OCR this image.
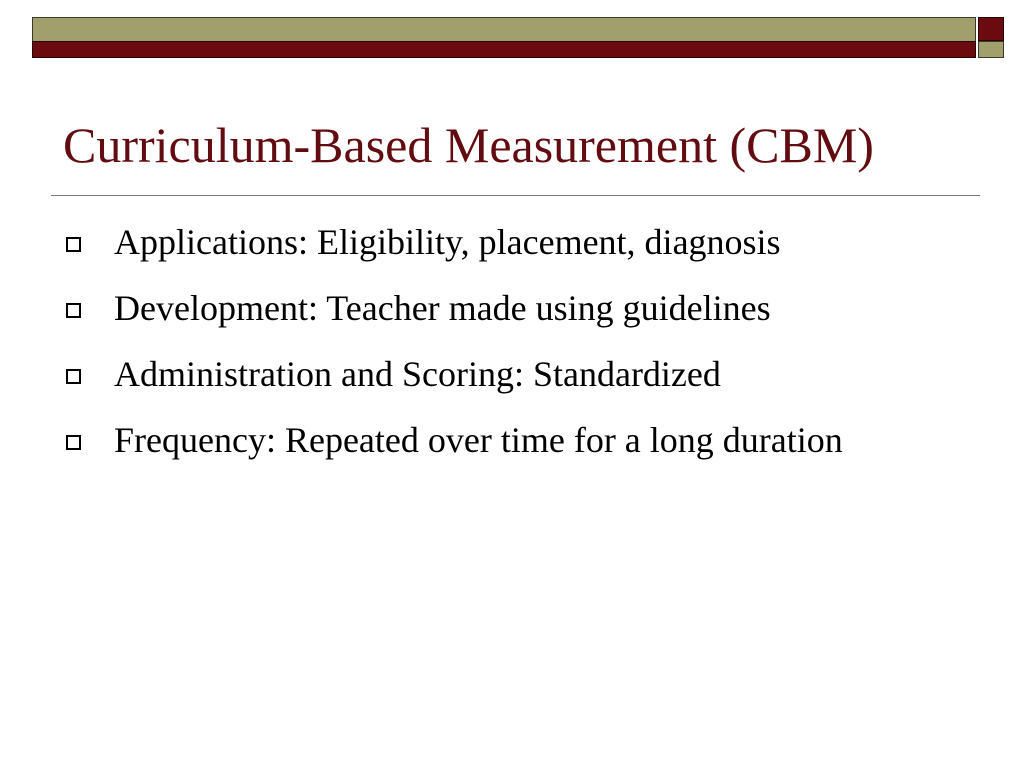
Curriculum-Based Measurement (CBM)
Applications: Eligibility, placement, diagnosis
Development: Teacher made using guidelines
Administration and Scoring: Standardized
Frequency: Repeated over time for a long duration
